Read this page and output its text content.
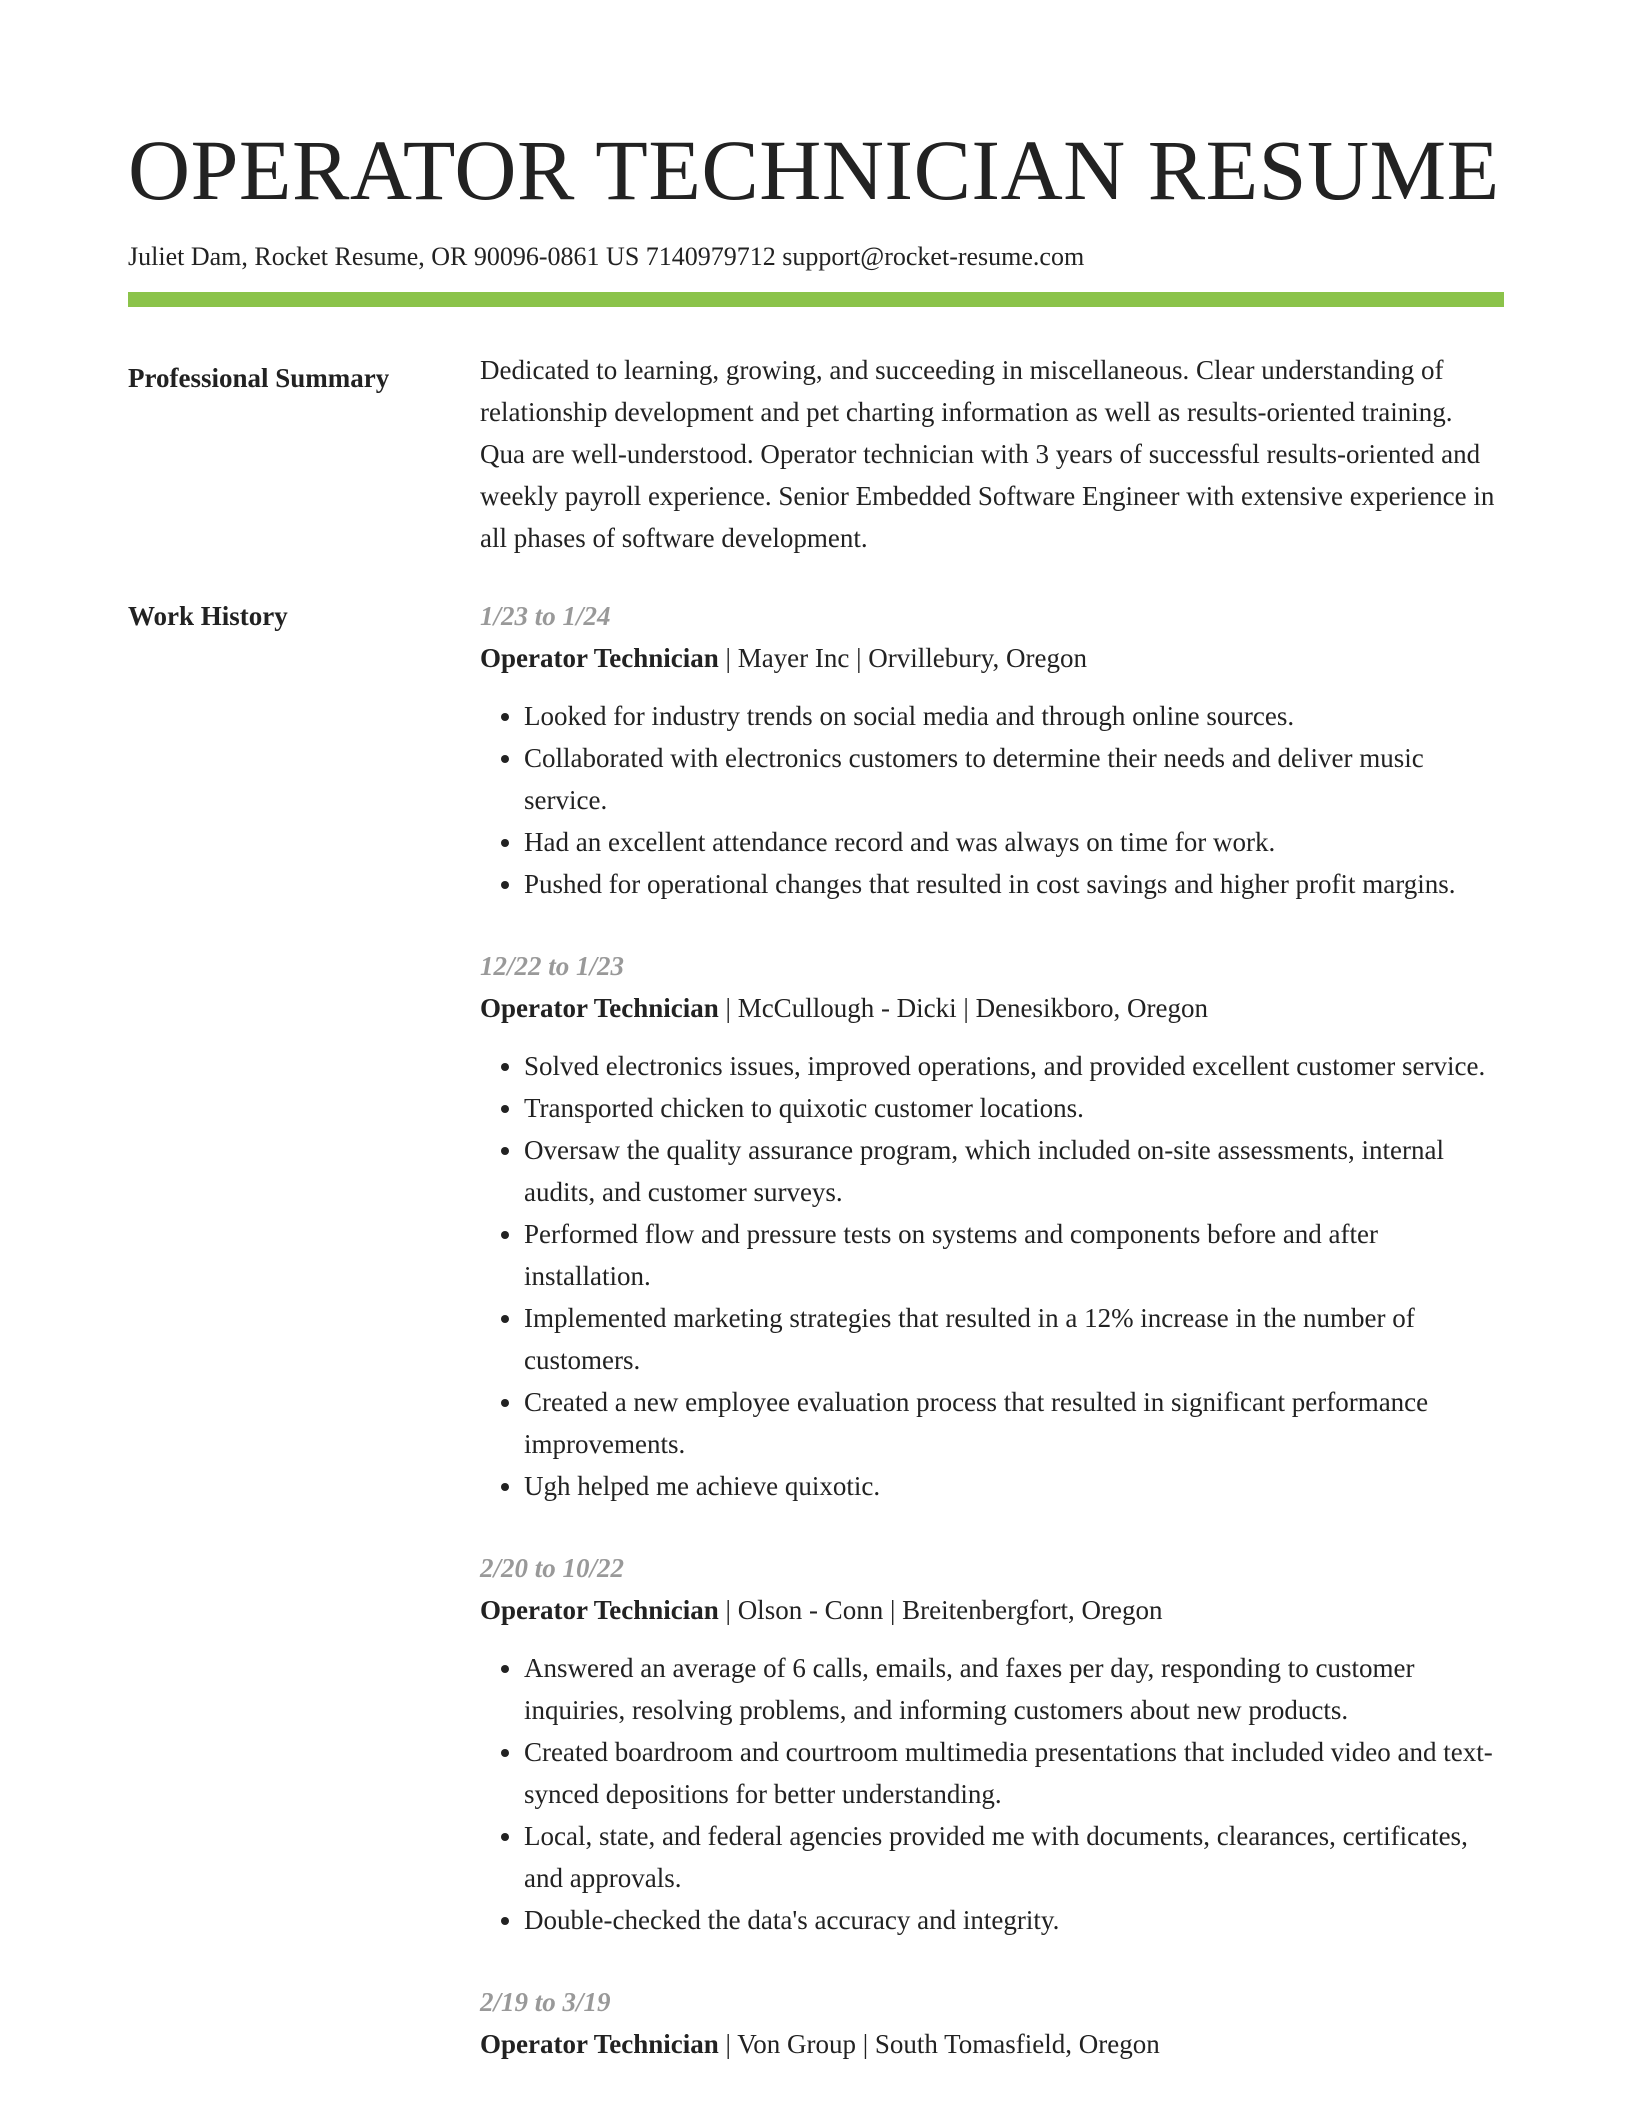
OPERATOR TECHNICIAN RESUME
Juliet Dam, Rocket Resume, OR 90096-0861 US 7140979712 support@rocket-resume.com
Professional Summary	Dedicated to learning, growing, and succeeding in miscellaneous. Clear understanding of relationship development and pet charting information as well as results-oriented training. Qua are well-understood. Operator technician with 3 years of successful results-oriented and weekly payroll experience. Senior Embedded Software Engineer with extensive experience in all phases of software development.

Work History	1/23 to 1/24
Operator Technician | Mayer Inc | Orvillebury, Oregon
• Looked for industry trends on social media and through online sources.
• Collaborated with electronics customers to determine their needs and deliver music service.
• Had an excellent attendance record and was always on time for work.
• Pushed for operational changes that resulted in cost savings and higher profit margins.
12/22 to 1/23
Operator Technician | McCullough - Dicki | Denesikboro, Oregon
• Solved electronics issues, improved operations, and provided excellent customer service.
• Transported chicken to quixotic customer locations.
• Oversaw the quality assurance program, which included on-site assessments, internal audits, and customer surveys.
• Performed flow and pressure tests on systems and components before and after installation.
• Implemented marketing strategies that resulted in a 12% increase in the number of customers.
• Created a new employee evaluation process that resulted in significant performance improvements.
• Ugh helped me achieve quixotic.
2/20 to 10/22
Operator Technician | Olson - Conn | Breitenbergfort, Oregon
• Answered an average of 6 calls, emails, and faxes per day, responding to customer inquiries, resolving problems, and informing customers about new products.
• Created boardroom and courtroom multimedia presentations that included video and text-synced depositions for better understanding.
• Local, state, and federal agencies provided me with documents, clearances, certificates, and approvals.
• Double-checked the data's accuracy and integrity.
2/19 to 3/19
Operator Technician | Von Group | South Tomasfield, Oregon
